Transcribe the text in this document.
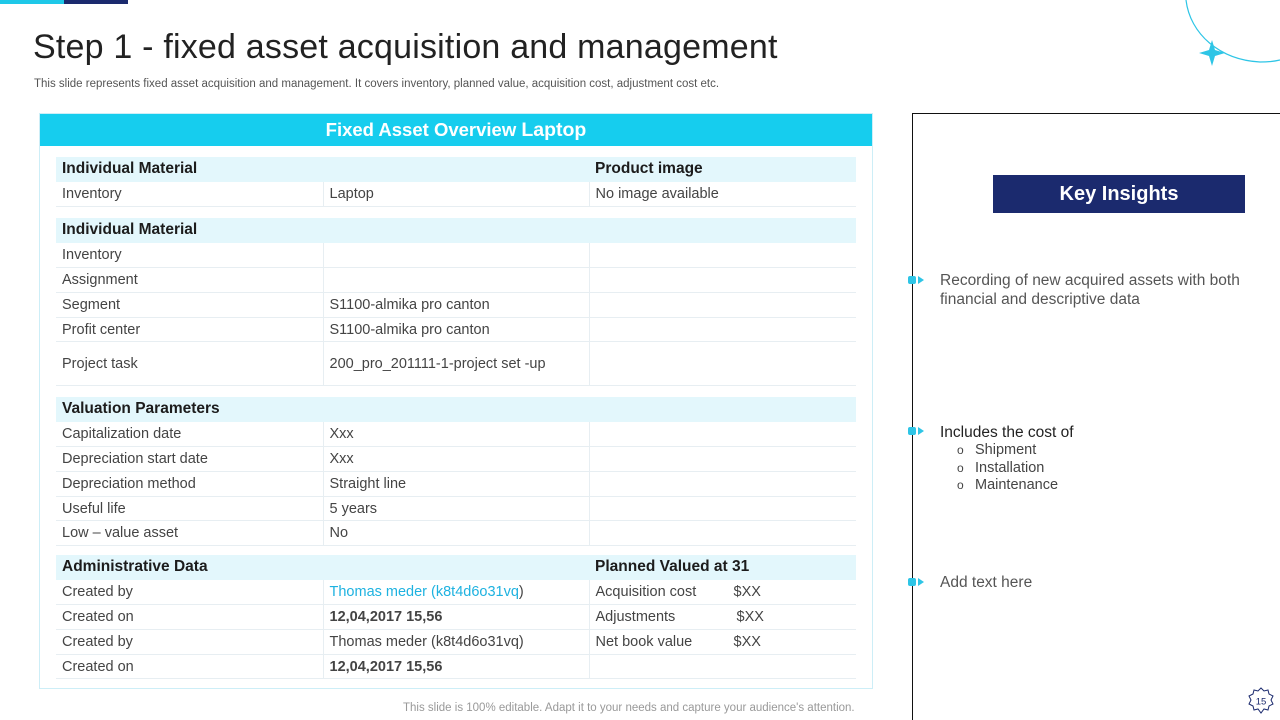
Step 1 - fixed asset acquisition and management
This slide represents fixed asset acquisition and management. It covers inventory, planned value, acquisition cost, adjustment cost etc.
Fixed Asset Overview Laptop
Individual Material		Product image
Inventory	Laptop	No image available
Individual Material		
Inventory		
Assignment		
Segment	S1100-almika pro canton	
Profit center	S1100-almika pro canton	
Project task	200_pro_201111-1-project set -up	
Valuation Parameters		
Capitalization date	Xxx	
Depreciation start date	Xxx	
Depreciation method	Straight line	
Useful life	5 years	
Low – value asset	No	
Administrative Data		Planned Valued at 31
Created by	Thomas meder (k8t4d6o31vq)	Acquisition cost $XX
Created on	12,04,2017 15,56	Adjustments $XX
Created by	Thomas meder (k8t4d6o31vq)	Net book value $XX
Created on	12,04,2017 15,56	
Key Insights
Recording of new acquired assets with both financial and descriptive data
Includes the cost of
o Shipment
o Installation
o Maintenance
Add text here
This slide is 100% editable. Adapt it to your needs and capture your audience's attention.	15
